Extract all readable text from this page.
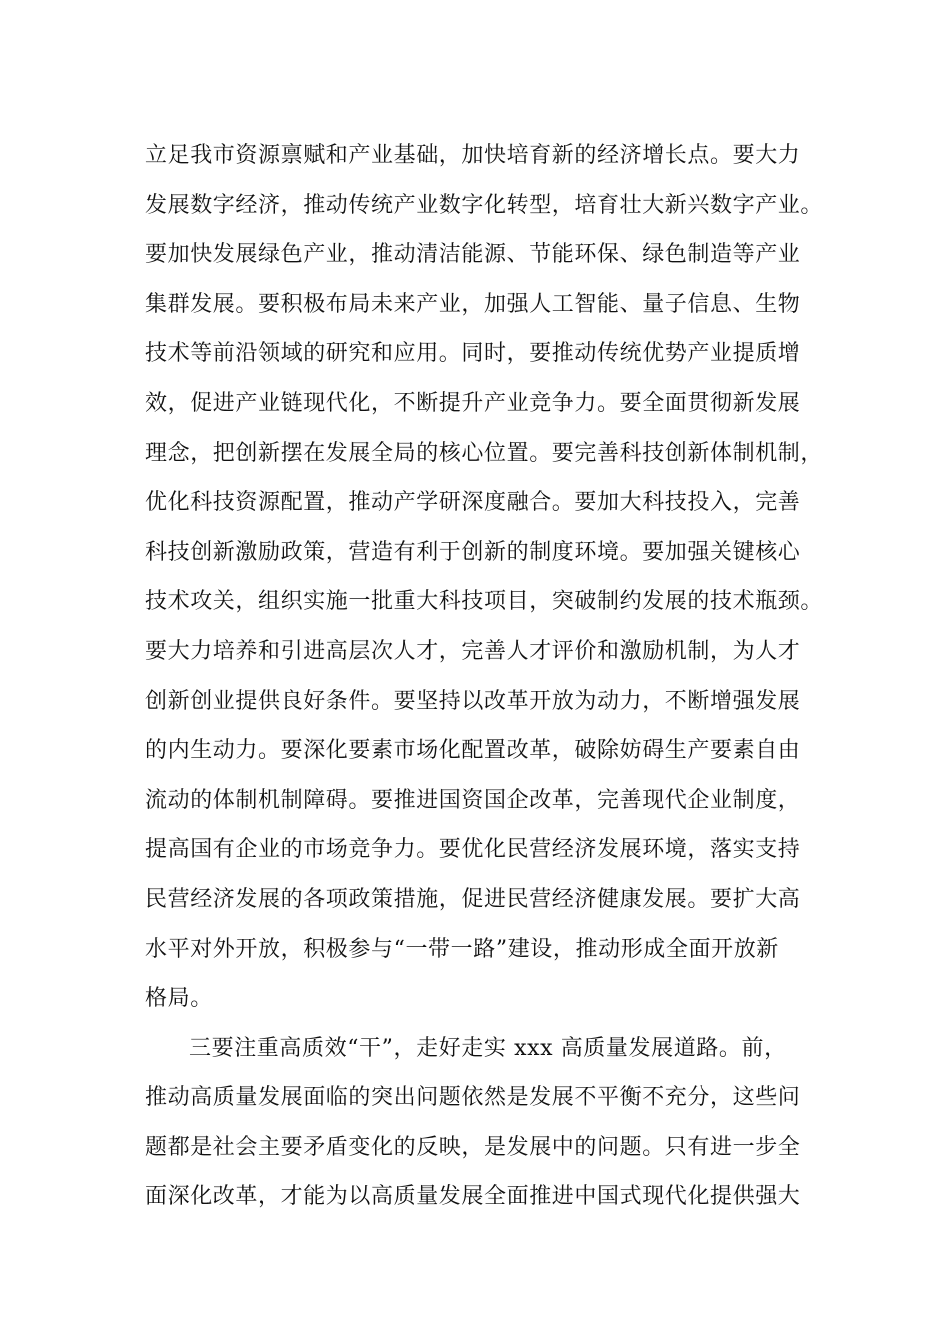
立足我市资源禀赋和产业基础，加快培育新的经济增长点。要大力
发展数字经济，推动传统产业数字化转型，培育壮大新兴数字产业。
要加快发展绿色产业，推动清洁能源、节能环保、绿色制造等产业
集群发展。要积极布局未来产业，加强人工智能、量子信息、生物
技术等前沿领域的研究和应用。同时，要推动传统优势产业提质增
效，促进产业链现代化，不断提升产业竞争力。要全面贯彻新发展
理念，把创新摆在发展全局的核心位置。要完善科技创新体制机制，
优化科技资源配置，推动产学研深度融合。要加大科技投入，完善
科技创新激励政策，营造有利于创新的制度环境。要加强关键核心
技术攻关，组织实施一批重大科技项目，突破制约发展的技术瓶颈。
要大力培养和引进高层次人才，完善人才评价和激励机制，为人才
创新创业提供良好条件。要坚持以改革开放为动力，不断增强发展
的内生动力。要深化要素市场化配置改革，破除妨碍生产要素自由
流动的体制机制障碍。要推进国资国企改革，完善现代企业制度，
提高国有企业的市场竞争力。要优化民营经济发展环境，落实支持
民营经济发展的各项政策措施，促进民营经济健康发展。要扩大高
水平对外开放，积极参与“一带一路”建设，推动形成全面开放新
格局。
三要注重高质效“干”，走好走实 xxx 高质量发展道路。前，
推动高质量发展面临的突出问题依然是发展不平衡不充分，这些问
题都是社会主要矛盾变化的反映，是发展中的问题。只有进一步全
面深化改革，才能为以高质量发展全面推进中国式现代化提供强大
